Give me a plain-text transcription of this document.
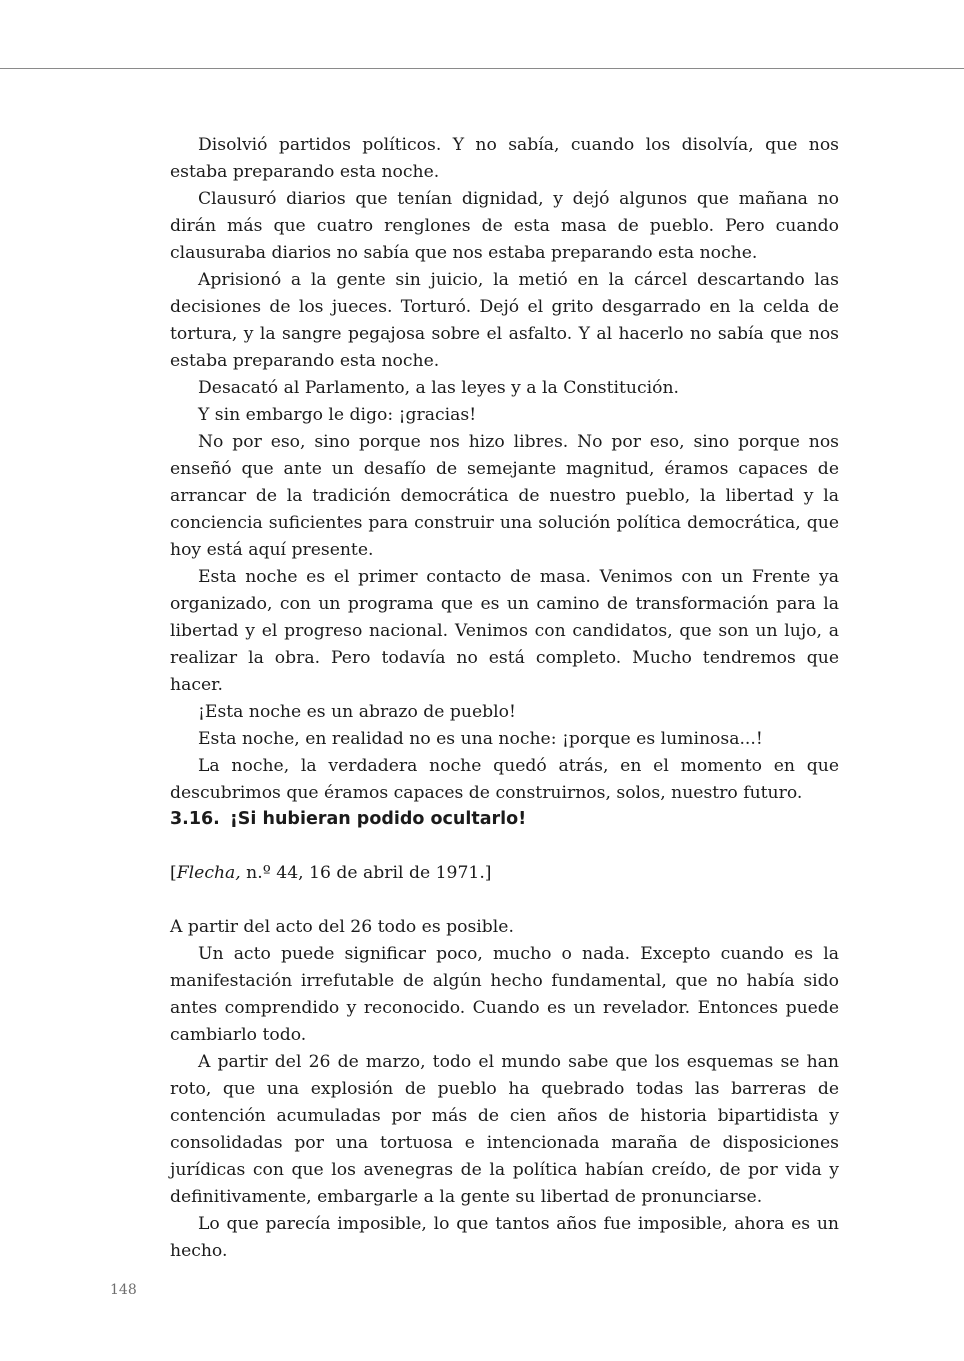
Disolvió partidos políticos. Y no sabía, cuando los disolvía, que nos estaba preparando esta noche.

Clausuró diarios que tenían dignidad, y dejó algunos que mañana no dirán más que cuatro renglones de esta masa de pueblo. Pero cuando clausuraba diarios no sabía que nos estaba preparando esta noche.

Aprisionó a la gente sin juicio, la metió en la cárcel descartando las decisiones de los jueces. Torturó. Dejó el grito desgarrado en la celda de tortura, y la sangre pegajosa sobre el asfalto. Y al hacerlo no sabía que nos estaba preparando esta noche.

Desacató al Parlamento, a las leyes y a la Constitución.

Y sin embargo le digo: ¡gracias!

No por eso, sino porque nos hizo libres. No por eso, sino porque nos enseñó que ante un desafío de semejante magnitud, éramos capaces de arrancar de la tradición democrática de nuestro pueblo, la libertad y la conciencia suficientes para construir una solución política democrática, que hoy está aquí presente.

Esta noche es el primer contacto de masa. Venimos con un Frente ya organizado, con un programa que es un camino de transformación para la libertad y el progreso nacional. Venimos con candidatos, que son un lujo, a realizar la obra. Pero todavía no está completo. Mucho tendremos que hacer.

¡Esta noche es un abrazo de pueblo!

Esta noche, en realidad no es una noche: ¡porque es luminosa...!

La noche, la verdadera noche quedó atrás, en el momento en que descubrimos que éramos capaces de construirnos, solos, nuestro futuro.

3.16. ¡Si hubieran podido ocultarlo!

[Flecha, n.º 44, 16 de abril de 1971.]

A partir del acto del 26 todo es posible.

Un acto puede significar poco, mucho o nada. Excepto cuando es la manifestación irrefutable de algún hecho fundamental, que no había sido antes comprendido y reconocido. Cuando es un revelador. Entonces puede cambiarlo todo.

A partir del 26 de marzo, todo el mundo sabe que los esquemas se han roto, que una explosión de pueblo ha quebrado todas las barreras de contención acumuladas por más de cien años de historia bipartidista y consolidadas por una tortuosa e intencionada maraña de disposiciones jurídicas con que los avenegras de la política habían creído, de por vida y definitivamente, embargarle a la gente su libertad de pronunciarse.

Lo que parecía imposible, lo que tantos años fue imposible, ahora es un hecho.

148
